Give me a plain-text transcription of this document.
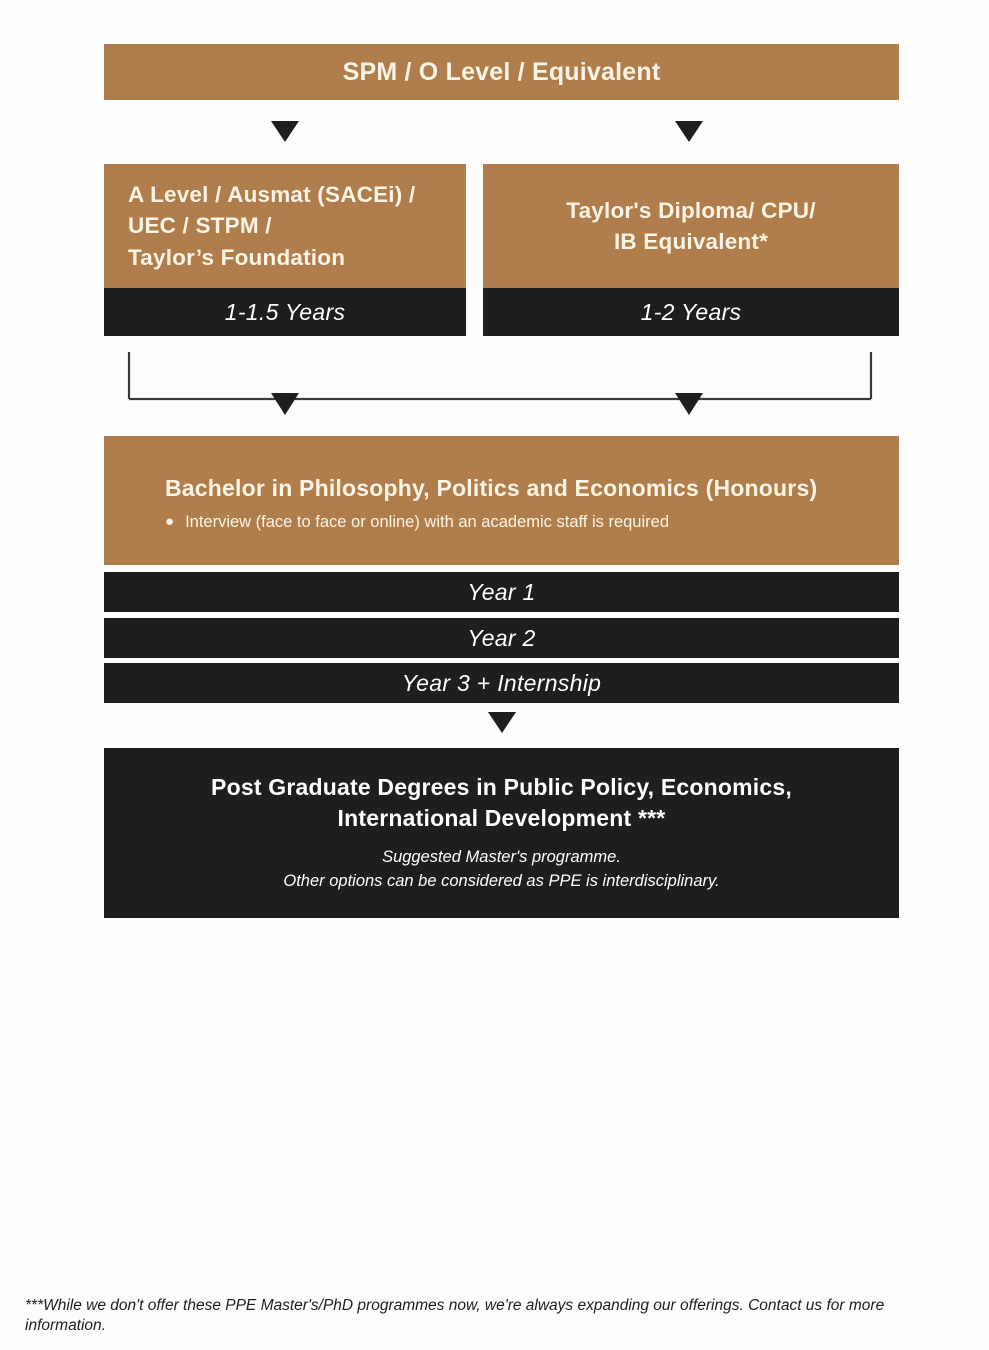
SPM / O Level / Equivalent
A Level / Ausmat (SACEi) /
UEC / STPM /
Taylor’s Foundation
1-1.5 Years
Taylor's Diploma/ CPU/
IB Equivalent*
1-2 Years
Bachelor in Philosophy, Politics and Economics (Honours)
● Interview (face to face or online) with an academic staff is required
Year 1
Year 2
Year 3 + Internship
Post Graduate Degrees in Public Policy, Economics,
International Development ***
Suggested Master's programme.
Other options can be considered as PPE is interdisciplinary.
***While we don't offer these PPE Master's/PhD programmes now, we're always expanding our offerings. Contact us for more information.
